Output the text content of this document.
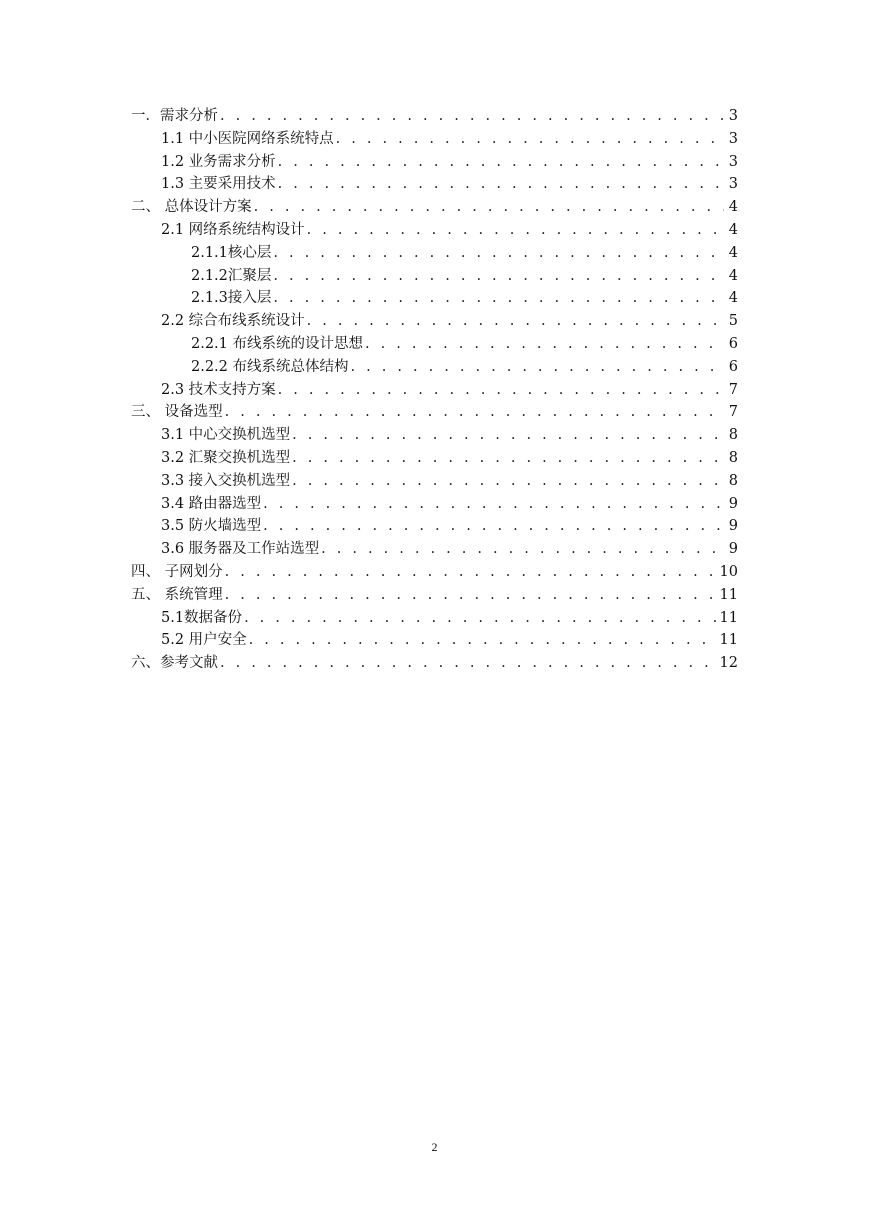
一．需求分析 . . .	3
1.1 中小医院网络系统特点 . . .	3
1.2 业务需求分析 . . .	3
1.3 主要采用技术 . . .	3
二、 总体设计方案 . . .	4
2.1 网络系统结构设计 . . .	4
2.1.1核心层 . . .	4
2.1.2汇聚层 . . .	4
2.1.3接入层 . . .	4
2.2 综合布线系统设计 . . .	5
2.2.1 布线系统的设计思想 . . .	6
2.2.2 布线系统总体结构 . . .	6
2.3 技术支持方案 . . .	7
三、 设备选型 . . .	7
3.1 中心交换机选型 . . .	8
3.2 汇聚交换机选型 . . .	8
3.3 接入交换机选型 . . .	8
3.4 路由器选型 . . .	9
3.5 防火墙选型 . . .	9
3.6 服务器及工作站选型 . . .	9
四、 子网划分 . . .	10
五、 系统管理 . . .	11
5.1数据备份 . . .	11
5.2 用户安全 . . .	11
六、参考文献 . . .	12
2
